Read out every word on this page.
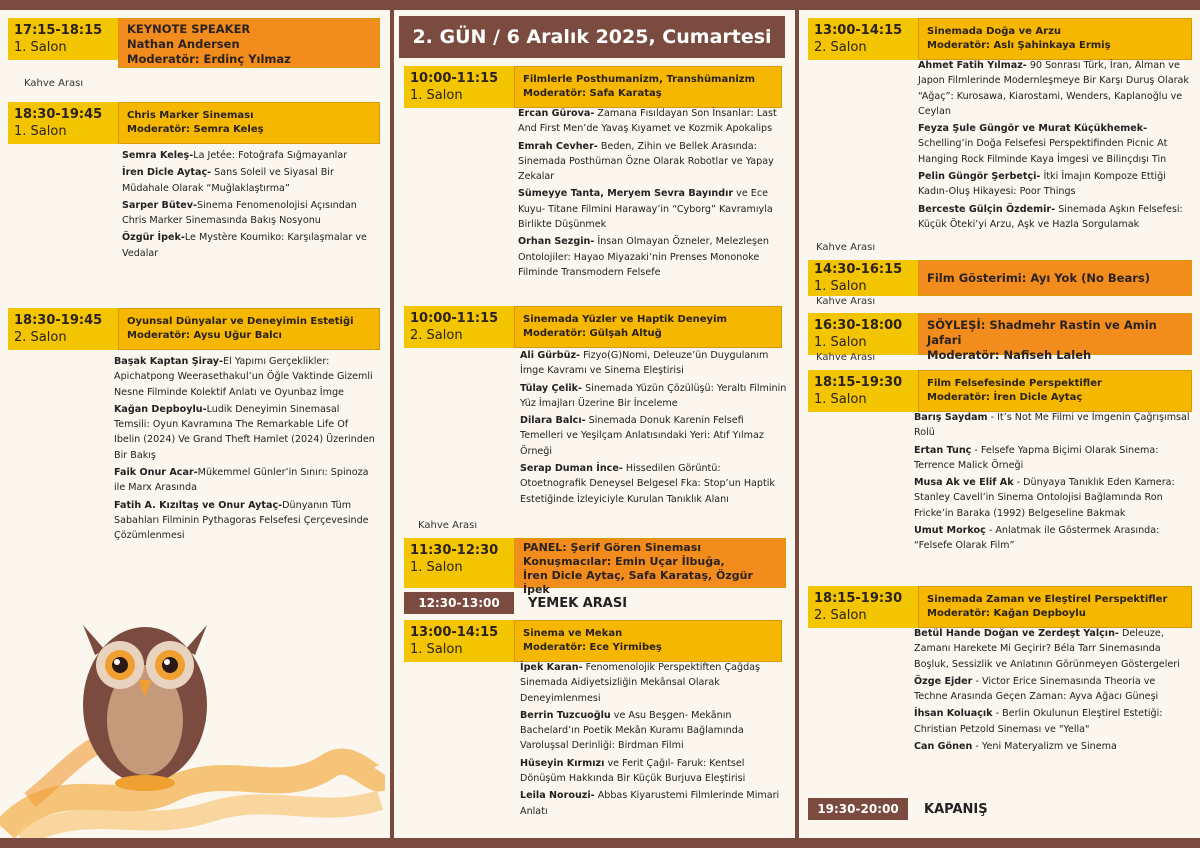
17:15-18:15
1. Salon
KEYNOTE SPEAKER
Nathan Andersen
Moderatör: Erdinç Yılmaz
Kahve Arası
18:30-19:45
1. Salon
Chris Marker Sineması
Moderatör: Semra Keleş
Semra Keleş-La Jetée: Fotoğrafa Sığmayanlar
İren Dicle Aytaç- Sans Soleil ve Siyasal Bir Müdahale Olarak “Muğlaklaştırma”
Sarper Bütev-Sinema Fenomenolojisi Açısından Chris Marker Sinemasında Bakış Nosyonu
Özgür İpek-Le Mystère Koumiko: Karşılaşmalar ve Vedalar
18:30-19:45
2. Salon
Oyunsal Dünyalar ve Deneyimin Estetiği
Moderatör: Aysu Uğur Balcı
Başak Kaptan Şiray-El Yapımı Gerçeklikler: Apichatpong Weerasethakul’un Öğle Vaktinde Gizemli Nesne Filminde Kolektif Anlatı ve Oyunbaz İmge
Kağan Depboylu-Ludik Deneyimin Sinemasal Temsili: Oyun Kavramına The Remarkable Life Of Ibelin (2024) Ve Grand Theft Hamlet (2024) Üzerinden Bir Bakış
Faik Onur Acar-Mükemmel Günler’in Sınırı: Spinoza ile Marx Arasında
Fatih A. Kızıltaş ve Onur Aytaç-Dünyanın Tüm Sabahları Filminin Pythagoras Felsefesi Çerçevesinde Çözümlenmesi
2. GÜN / 6 Aralık 2025, Cumartesi
10:00-11:15
1. Salon
Filmlerle Posthumanizm, Transhümanizm
Moderatör: Safa Karataş
Ercan Gürova- Zamana Fısıldayan Son İnsanlar: Last And First Men’de Yavaş Kıyamet ve Kozmik Apokalips
Emrah Cevher- Beden, Zihin ve Bellek Arasında: Sinemada Posthüman Özne Olarak Robotlar ve Yapay Zekalar
Sümeyye Tanta, Meryem Sevra Bayındır ve Ece Kuyu- Titane Filmini Haraway’in “Cyborg” Kavramıyla Birlikte Düşünmek
Orhan Sezgin- İnsan Olmayan Özneler, Melezleşen Ontolojiler: Hayao Miyazaki’nin Prenses Mononoke Filminde Transmodern Felsefe
10:00-11:15
2. Salon
Sinemada Yüzler ve Haptik Deneyim
Moderatör: Gülşah Altuğ
Ali Gürbüz- Fizyo(G)Nomi, Deleuze’ün Duygulanım İmge Kavramı ve Sinema Eleştirisi
Tülay Çelik- Sinemada Yüzün Çözülüşü: Yeraltı Filminin Yüz İmajları Üzerine Bir İnceleme
Dilara Balcı- Sinemada Donuk Karenin Felsefi Temelleri ve Yeşilçam Anlatısındaki Yeri: Atıf Yılmaz Örneği
Serap Duman İnce- Hissedilen Görüntü: Otoetnografik Deneysel Belgesel Fka: Stop’un Haptik Estetiğinde İzleyiciyle Kurulan Tanıklık Alanı
Kahve Arası
11:30-12:30
1. Salon
PANEL: Şerif Gören Sineması
Konuşmacılar: Emin Uçar İlbuğa,
İren Dicle Aytaç, Safa Karataş, Özgür İpek
12:30-13:00	YEMEK ARASI
13:00-14:15
1. Salon
Sinema ve Mekan
Moderatör: Ece Yirmibeş
İpek Karan- Fenomenolojik Perspektiften Çağdaş Sinemada Aidiyetsizliğin Mekânsal Olarak Deneyimlenmesi
Berrin Tuzcuoğlu ve Asu Beşgen- Mekânın Bachelard’ın Poetik Mekân Kuramı Bağlamında Varoluşsal Derinliği: Birdman Filmi
Hüseyin Kırmızı ve Ferit Çağıl- Faruk: Kentsel Dönüşüm Hakkında Bir Küçük Burjuva Eleştirisi
Leila Norouzi- Abbas Kiyarustemi Filmlerinde Mimari Anlatı
13:00-14:15
2. Salon
Sinemada Doğa ve Arzu
Moderatör: Aslı Şahinkaya Ermiş
Ahmet Fatih Yılmaz- 90 Sonrası Türk, İran, Alman ve Japon Filmlerinde Modernleşmeye Bir Karşı Duruş Olarak “Ağaç”: Kurosawa, Kiarostami, Wenders, Kaplanoğlu ve Ceylan
Feyza Şule Güngör ve Murat Küçükhemek- Schelling’in Doğa Felsefesi Perspektifinden Picnic At Hanging Rock Filminde Kaya İmgesi ve Bilinçdışı Tin
Pelin Güngör Şerbetçi- İtki İmajın Kompoze Ettiği Kadın-Oluş Hikayesi: Poor Things
Berceste Gülçin Özdemir- Sinemada Aşkın Felsefesi: Küçük Öteki’yi Arzu, Aşk ve Hazla Sorgulamak
Kahve Arası
14:30-16:15
1. Salon
Film Gösterimi: Ayı Yok (No Bears)
Kahve Arası
16:30-18:00
1. Salon
SÖYLEŞİ: Shadmehr Rastin ve Amin Jafari
Moderatör: Nafiseh Laleh
Kahve Arası
18:15-19:30
1. Salon
Film Felsefesinde Perspektifler
Moderatör: İren Dicle Aytaç
Barış Saydam - It’s Not Me Filmi ve İmgenin Çağrışımsal Rolü
Ertan Tunç - Felsefe Yapma Biçimi Olarak Sinema: Terrence Malick Örneği
Musa Ak ve Elif Ak - Dünyaya Tanıklık Eden Kamera: Stanley Cavell’in Sinema Ontolojisi Bağlamında Ron Fricke’in Baraka (1992) Belgeseline Bakmak
Umut Morkoç - Anlatmak ile Göstermek Arasında: “Felsefe Olarak Film”
18:15-19:30
2. Salon
Sinemada Zaman ve Eleştirel Perspektifler
Moderatör: Kağan Depboylu
Betül Hande Doğan ve Zerdeşt Yalçın- Deleuze, Zamanı Harekete Mi Geçirir? Béla Tarr Sinemasında Boşluk, Sessizlik ve Anlatının Görünmeyen Göstergeleri
Özge Ejder - Victor Erice Sinemasında Theoria ve Techne Arasında Geçen Zaman: Ayva Ağacı Güneşi
İhsan Koluaçık - Berlin Okulunun Eleştirel Estetiği: Christian Petzold Sineması ve "Yella"
Can Gönen - Yeni Materyalizm ve Sinema
19:30-20:00	KAPANIŞ
